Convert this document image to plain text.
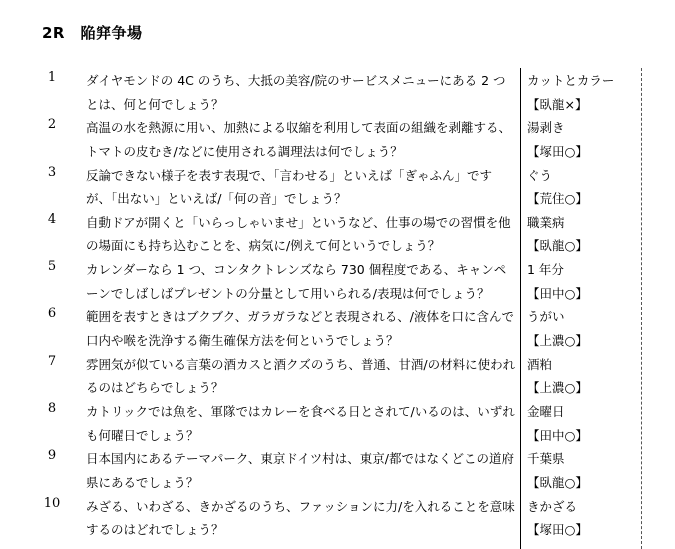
2R　陥穽争場
1	ダイヤモンドの 4C のうち、大抵の美容/院のサービスメニューにある 2 つとは、何と何でしょう？
カットとカラー
【臥龍×】
2	高温の水を熱源に用い、加熱による収縮を利用して表面の組織を剥離する、トマトの皮むき/などに使用される調理法は何でしょう？
湯剥き
【塚田○】
3	反論できない様子を表す表現で、「言わせる」といえば「ぎゃふん」ですが、「出ない」といえば/「何の音」でしょう？
ぐう
【荒住○】
4	自動ドアが開くと「いらっしゃいませ」というなど、仕事の場での習慣を他の場面にも持ち込むことを、病気に/例えて何というでしょう？
職業病
【臥龍○】
5	カレンダーなら 1 つ、コンタクトレンズなら 730 個程度である、キャンペーンでしばしばプレゼントの分量として用いられる/表現は何でしょう？
1 年分
【田中○】
6	範囲を表すときはブクブク、ガラガラなどと表現される、/液体を口に含んで口内や喉を洗浄する衛生確保方法を何というでしょう？
うがい
【上濃○】
7	雰囲気が似ている言葉の酒カスと酒クズのうち、普通、甘酒/の材料に使われるのはどちらでしょう？
酒粕
【上濃○】
8	カトリックでは魚を、軍隊ではカレーを食べる日とされて/いるのは、いずれも何曜日でしょう？
金曜日
【田中○】
9	日本国内にあるテーマパーク、東京ドイツ村は、東京/都ではなくどこの道府県にあるでしょう？
千葉県
【臥龍○】
10 みざる、いわざる、きかざるのうち、ファッションに力/を入れることを意味するのはどれでしょう？
きかざる
【塚田○】
